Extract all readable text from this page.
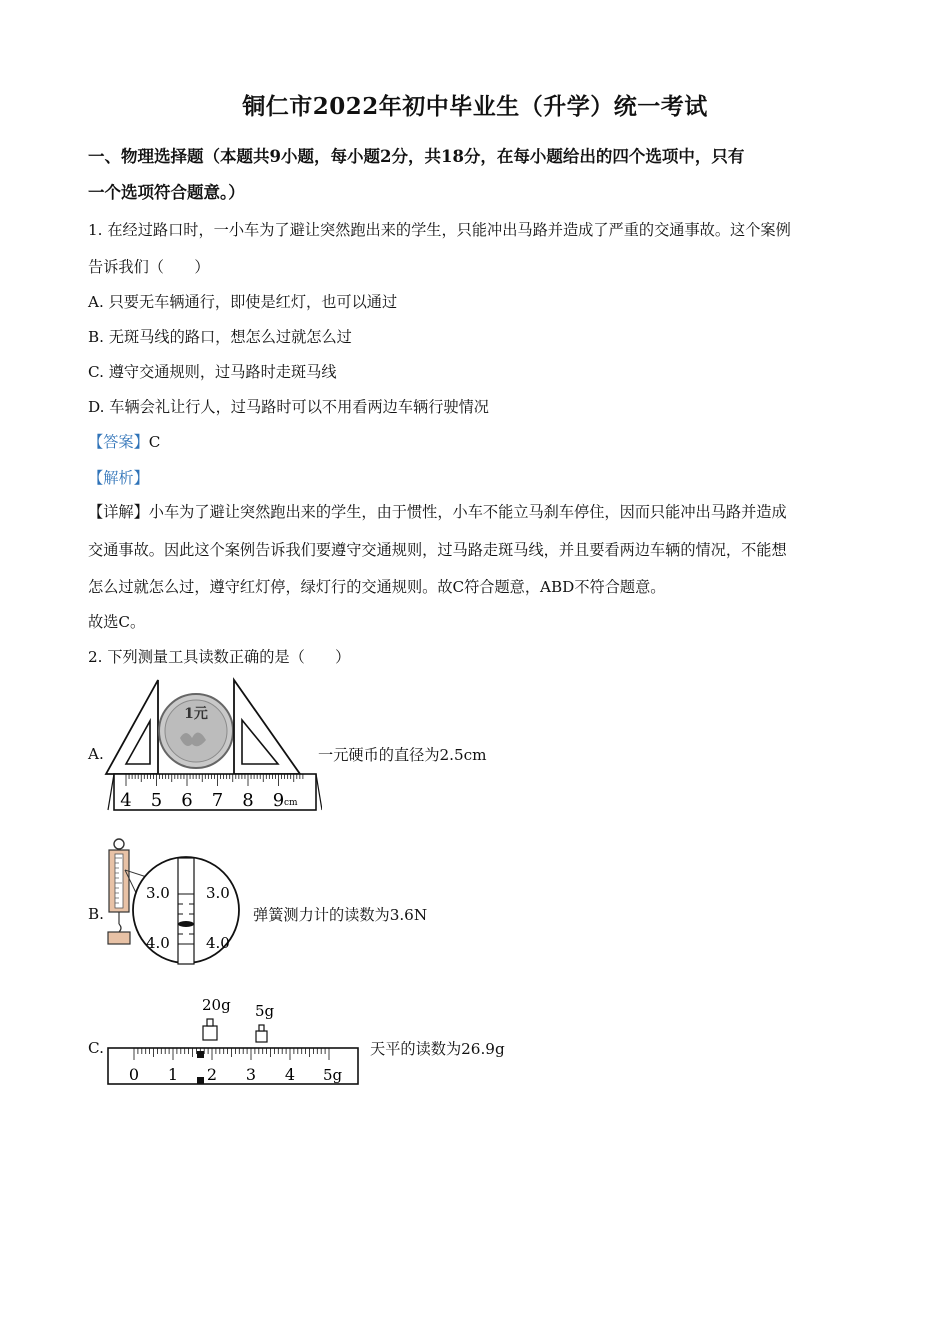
铜仁市2022年初中毕业生（升学）统一考试
一、物理选择题（本题共9小题，每小题2分，共18分，在每小题给出的四个选项中，只有
一个选项符合题意。）
1. 在经过路口时，一小车为了避让突然跑出来的学生，只能冲出马路并造成了严重的交通事故。这个案例
告诉我们（　　）
A. 只要无车辆通行，即使是红灯，也可以通过
B. 无斑马线的路口，想怎么过就怎么过
C. 遵守交通规则，过马路时走斑马线
D. 车辆会礼让行人，过马路时可以不用看两边车辆行驶情况
【答案】C
【解析】
【详解】小车为了避让突然跑出来的学生，由于惯性，小车不能立马刹车停住，因而只能冲出马路并造成
交通事故。因此这个案例告诉我们要遵守交通规则，过马路走斑马线，并且要看两边车辆的情况，不能想
怎么过就怎么过，遵守红灯停，绿灯行的交通规则。故C符合题意，ABD不符合题意。
故选C。
2. 下列测量工具读数正确的是（　　）
A.
1元
4 5 6 7 8 9 cm
一元硬币的直径为2.5cm
B.
3.0 3.0
4.0 4.0
弹簧测力计的读数为3.6N
C.
20g 5g
0 1 2 3 4 5g
天平的读数为26.9g
